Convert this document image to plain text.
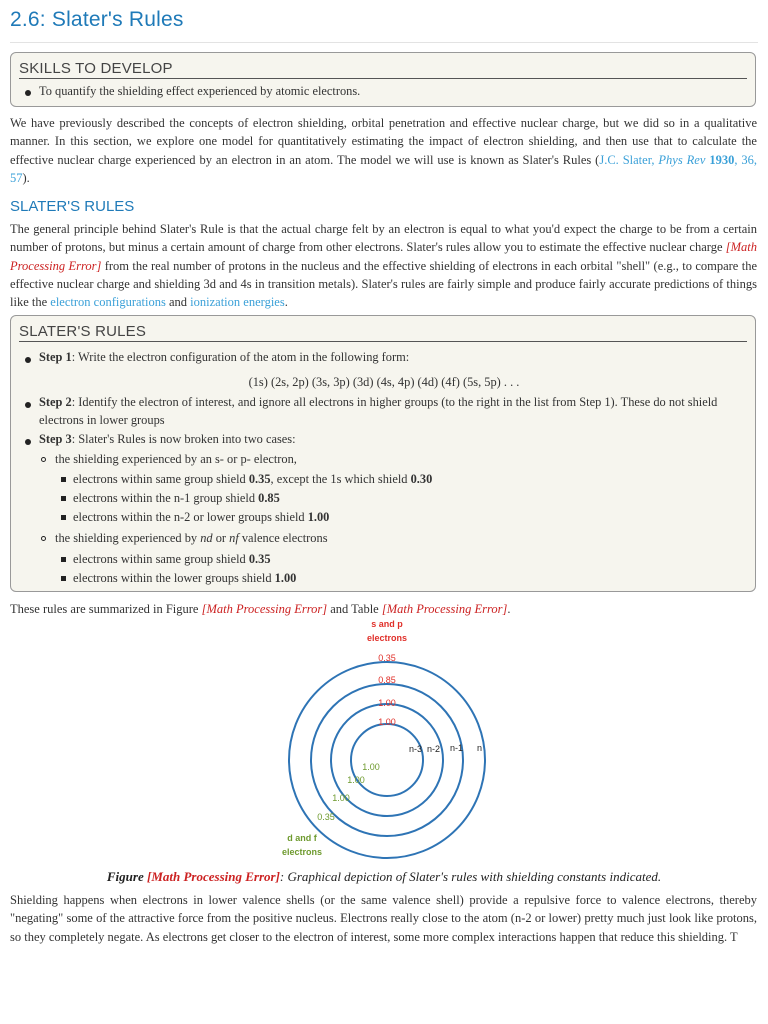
2.6: Slater's Rules
SKILLS TO DEVELOP
To quantify the shielding effect experienced by atomic electrons.

We have previously described the concepts of electron shielding, orbital penetration and effective nuclear charge, but we did so in a qualitative manner. In this section, we explore one model for quantitatively estimating the impact of electron shielding, and then use that to calculate the effective nuclear charge experienced by an electron in an atom. The model we will use is known as Slater's Rules (J.C. Slater, Phys Rev 1930, 36, 57).

SLATER'S RULES

The general principle behind Slater's Rule is that the actual charge felt by an electron is equal to what you'd expect the charge to be from a certain number of protons, but minus a certain amount of charge from other electrons. Slater's rules allow you to estimate the effective nuclear charge [Math Processing Error] from the real number of protons in the nucleus and the effective shielding of electrons in each orbital "shell" (e.g., to compare the effective nuclear charge and shielding 3d and 4s in transition metals). Slater's rules are fairly simple and produce fairly accurate predictions of things like the electron configurations and ionization energies.

SLATER'S RULES
Step 1: Write the electron configuration of the atom in the following form:
(1s) (2s, 2p) (3s, 3p) (3d) (4s, 4p) (4d) (4f) (5s, 5p) . . .
Step 2: Identify the electron of interest, and ignore all electrons in higher groups (to the right in the list from Step 1). These do not shield electrons in lower groups
Step 3: Slater's Rules is now broken into two cases:
the shielding experienced by an s- or p- electron,
electrons within same group shield 0.35, except the 1s which shield 0.30
electrons within the n-1 group shield 0.85
electrons within the n-2 or lower groups shield 1.00
the shielding experienced by nd or nf valence electrons
electrons within same group shield 0.35
electrons within the lower groups shield 1.00

These rules are summarized in Figure [Math Processing Error] and Table [Math Processing Error].

s and p
electrons
0.35
0.85
1.00
1.00
n-3 n-2 n-1 n
1.00
1.00
1.00
0.35
d and f
electrons
Figure [Math Processing Error]: Graphical depiction of Slater's rules with shielding constants indicated.

Shielding happens when electrons in lower valence shells (or the same valence shell) provide a repulsive force to valence electrons, thereby "negating" some of the attractive force from the positive nucleus. Electrons really close to the atom (n-2 or lower) pretty much just look like protons, so they completely negate. As electrons get closer to the electron of interest, some more complex interactions happen that reduce this shielding. T
